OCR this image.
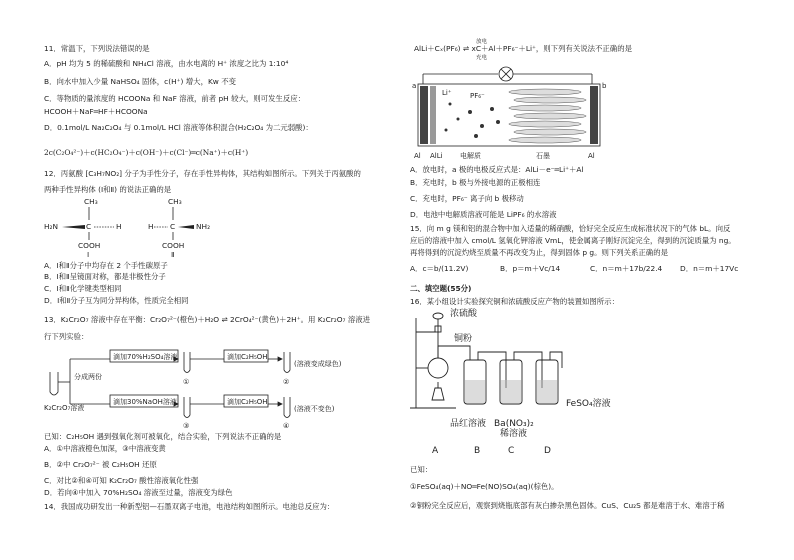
11．常温下，下列说法错误的是
A．pH 均为 5 的稀硫酸和 NH₄Cl 溶液，由水电离的 H⁺ 浓度之比为 1:10⁴
B．向水中加入少量 NaHSO₄ 固体，c(H⁺) 增大，Kw 不变
C．等物质的量浓度的 HCOONa 和 NaF 溶液，前者 pH 较大，则可发生反应：
HCOOH＋NaF═HF＋HCOONa
D．0.1mol/L Na₂C₂O₄ 与 0.1mol/L HCl 溶液等体积混合(H₂C₂O₄ 为二元弱酸)：
2c(C₂O₄²⁻)＋c(HC₂O₄⁻)＋c(OH⁻)＋c(Cl⁻)═c(Na⁺)＋c(H⁺)
12．丙氨酸 [C₃H₇NO₂] 分子为手性分子，存在手性异构体，其结构如图所示。下列关于丙氨酸的
两种手性异构体 (Ⅰ和Ⅱ) 的说法正确的是
CH₃
H₂N	C	H
COOH
Ⅰ
CH₃
H C	NH₂
COOH
Ⅱ
A．Ⅰ和Ⅱ分子中均存在 2 个手性碳原子
B．Ⅰ和Ⅱ呈镜面对称，都是非极性分子
C．Ⅰ和Ⅱ化学键类型相同
D．Ⅰ和Ⅱ分子互为同分异构体，性质完全相同
13．K₂Cr₂O₇ 溶液中存在平衡：Cr₂O₇²⁻(橙色)＋H₂O ⇌ 2CrO₄²⁻(黄色)＋2H⁺。用 K₂Cr₂O₇ 溶液进
行下列实验：
分成两份
K₂Cr₂O₇溶液
滴加70%H₂SO₄溶液
滴加30%NaOH溶液
滴加C₂H₅OH
滴加C₂H₅OH
(溶液变成绿色)
(溶液不变色)
①	②
③	④
已知：C₂H₅OH 遇到强氧化剂可被氧化，结合实验，下列说法不正确的是
A．①中溶液橙色加深，③中溶液变黄
B．②中 Cr₂O₇²⁻ 被 C₂H₅OH 还原
C．对比②和④可知 K₂Cr₂O₇ 酸性溶液氧化性强
D．若向④中加入 70%H₂SO₄ 溶液至过量，溶液变为绿色
14．我国成功研发出一种新型铝—石墨双离子电池，电池结构如图所示。电池总反应为：
AlLi＋Cₓ(PF₆) ⇌ xC＋Al＋PF₆⁻＋Li⁺，则下列有关说法不正确的是
放电
充电
a	b
Li⁺	PF₆⁻
Al AlLi 电解质	石墨	Al
A．放电时，a 极的电极反应式是：AlLi－e⁻═Li⁺＋Al
B．充电时，b 极与外接电源的正极相连
C．充电时，PF₆⁻ 离子向 b 极移动
D．电池中电解质溶液可能是 LiPF₆ 的水溶液
15．向 m g 镁和铝的混合物中加入适量的稀硝酸，恰好完全反应生成标准状况下的气体 bL。向反
应后的溶液中加入 cmol/L 氢氧化钾溶液 VmL，使金属离子刚好沉淀完全，得到的沉淀质量为 ng。
再将得到的沉淀灼烧至质量不再改变为止，得到固体 p g。则下列关系正确的是
A．c＝b/(11.2V)	B．p＝m＋Vc/14	C．n＝m＋17b/22.4 D．n＝m＋17Vc
二、填空题(55分)
16．某小组设计实验探究铜和浓硫酸反应产物的装置如图所示：
浓硫酸
铜粉
FeSO₄溶液
品红溶液 Ba(NO₃)₂
稀溶液
A	B	C	D
已知：
①FeSO₄(aq)＋NO═Fe(NO)SO₄(aq)(棕色)。
②铜粉完全反应后，观察到烧瓶底部有灰白掺杂黑色固体。CuS、Cu₂S 都是难溶于水、难溶于稀
